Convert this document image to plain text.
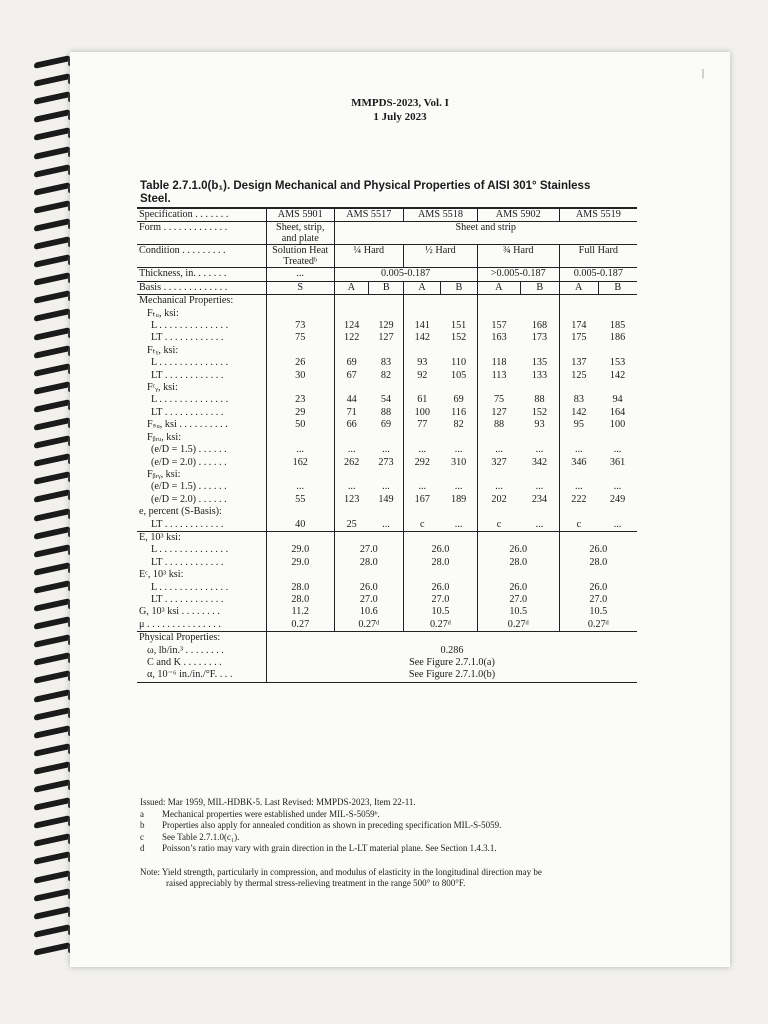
|
MMPDS-2023, Vol. I
1 July 2023
Table 2.7.1.0(b₁). Design Mechanical and Physical Properties of AISI 301° Stainless Steel.
Specification . . . . . . .	AMS 5901	AMS 5517		AMS 5518		AMS 5902		AMS 5519	
Form . . . . . . . . . . . . .	Sheet, strip, and plate	Sheet and strip							
Condition . . . . . . . . .	Solution Heat Treatedᵇ	¼ Hard		½ Hard		¾ Hard		Full Hard	
Thickness, in. . . . . . .	...	0.005-0.187				>0.005-0.187		0.005-0.187	
Basis . . . . . . . . . . . . .	S	A	B	A	B	A	B	A	B
Mechanical Properties:									
Fₜᵤ, ksi:									
L . . . . . . . . . . . . . .	73	124	129	141	151	157	168	174	185
LT . . . . . . . . . . . .	75	122	127	142	152	163	173	175	186
Fₜᵧ, ksi:									
L . . . . . . . . . . . . . .	26	69	83	93	110	118	135	137	153
LT . . . . . . . . . . . .	30	67	82	92	105	113	133	125	142
Fᶜᵧ, ksi:									
L . . . . . . . . . . . . . .	23	44	54	61	69	75	88	83	94
LT . . . . . . . . . . . .	29	71	88	100	116	127	152	142	164
Fₛᵤ, ksi . . . . . . . . . .	50	66	69	77	82	88	93	95	100
Fᵦᵣᵤ, ksi:									
(e/D = 1.5) . . . . . .	...	...	...	...	...	...	...	...	...
(e/D = 2.0) . . . . . .	162	262	273	292	310	327	342	346	361
Fᵦᵣᵧ, ksi:									
(e/D = 1.5) . . . . . .	...	...	...	...	...	...	...	...	...
(e/D = 2.0) . . . . . .	55	123	149	167	189	202	234	222	249
e, percent (S-Basis):									
LT . . . . . . . . . . . .	40	25	...	c	...	c	...	c	...
E, 10³ ksi:									
L . . . . . . . . . . . . . .	29.0	27.0		26.0		26.0		26.0	
LT . . . . . . . . . . . .	29.0	28.0		28.0		28.0		28.0	
Eᶜ, 10³ ksi:									
L . . . . . . . . . . . . . .	28.0	26.0		26.0		26.0		26.0	
LT . . . . . . . . . . . .	28.0	27.0		27.0		27.0		27.0	
G, 10³ ksi . . . . . . . .	11.2	10.6		10.5		10.5		10.5	
μ . . . . . . . . . . . . . . .	0.27	0.27ᵈ		0.27ᵈ		0.27ᵈ		0.27ᵈ	
Physical Properties:									
ω, lb/in.³ . . . . . . . .	0.286								
C and K . . . . . . . .	See Figure 2.7.1.0(a)								
α, 10⁻⁶ in./in./°F. . . .	See Figure 2.7.1.0(b)								
Issued: Mar 1959, MIL-HDBK-5. Last Revised: MMPDS-2023, Item 22-11.
a	Mechanical properties were established under MIL-S-5059ᵇ.
b	Properties also apply for annealed condition as shown in preceding specification MIL-S-5059.
c	See Table 2.7.1.0(c₁).
d	Poisson’s ratio may vary with grain direction in the L-LT material plane. See Section 1.4.3.1.
Note: Yield strength, particularly in compression, and modulus of elasticity in the longitudinal direction may be
raised appreciably by thermal stress-relieving treatment in the range 500° to 800°F.
